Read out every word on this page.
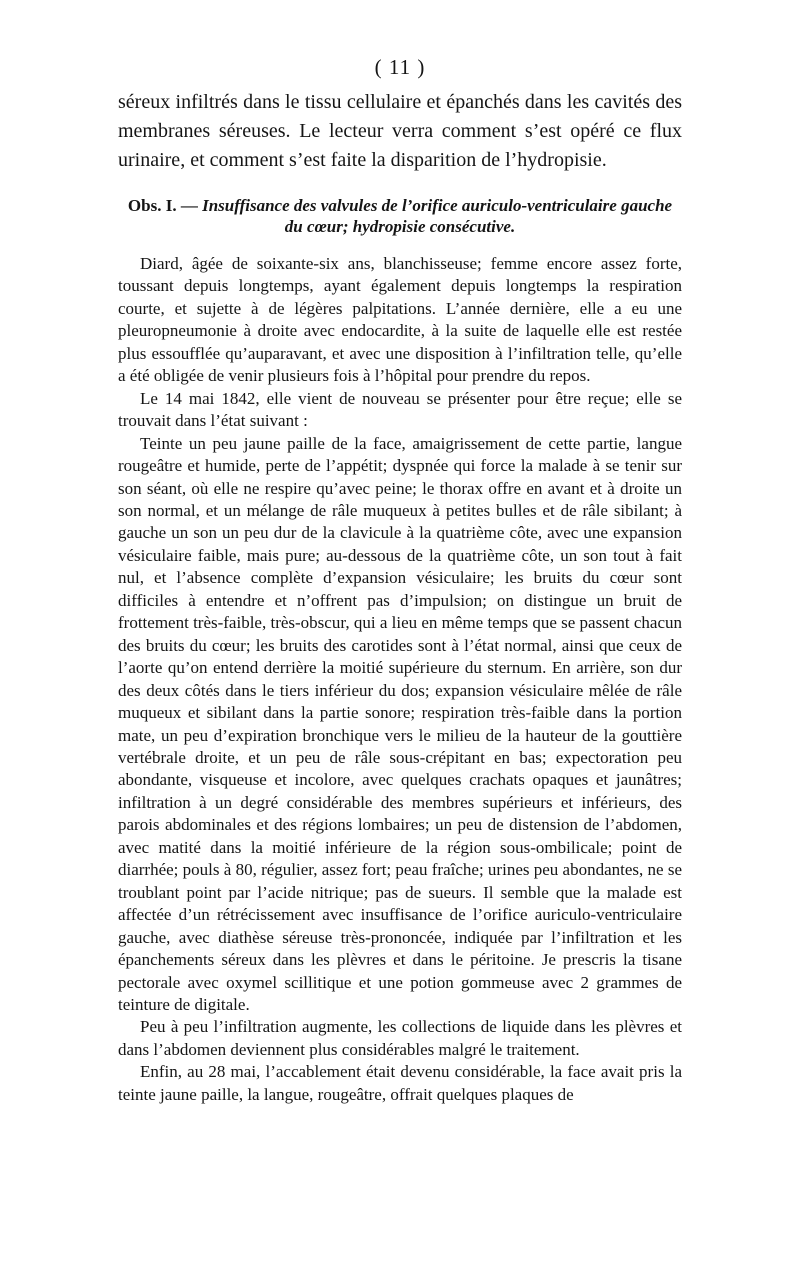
( 11 )

séreux infiltrés dans le tissu cellulaire et épanchés dans les cavités des membranes séreuses. Le lecteur verra comment s’est opéré ce flux urinaire, et comment s’est faite la disparition de l’hydropisie.

Obs. I. — Insuffisance des valvules de l’orifice auriculo-ventriculaire gauche du cœur; hydropisie consécutive.

Diard, âgée de soixante-six ans, blanchisseuse; femme encore assez forte, toussant depuis longtemps, ayant également depuis longtemps la respiration courte, et sujette à de légères palpitations. L’année dernière, elle a eu une pleuropneumonie à droite avec endocardite, à la suite de laquelle elle est restée plus essoufflée qu’auparavant, et avec une disposition à l’infiltration telle, qu’elle a été obligée de venir plusieurs fois à l’hôpital pour prendre du repos.

Le 14 mai 1842, elle vient de nouveau se présenter pour être reçue; elle se trouvait dans l’état suivant :

Teinte un peu jaune paille de la face, amaigrissement de cette partie, langue rougeâtre et humide, perte de l’appétit; dyspnée qui force la malade à se tenir sur son séant, où elle ne respire qu’avec peine; le thorax offre en avant et à droite un son normal, et un mélange de râle muqueux à petites bulles et de râle sibilant; à gauche un son un peu dur de la clavicule à la quatrième côte, avec une expansion vésiculaire faible, mais pure; au-dessous de la quatrième côte, un son tout à fait nul, et l’absence complète d’expansion vésiculaire; les bruits du cœur sont difficiles à entendre et n’offrent pas d’impulsion; on distingue un bruit de frottement très-faible, très-obscur, qui a lieu en même temps que se passent chacun des bruits du cœur; les bruits des carotides sont à l’état normal, ainsi que ceux de l’aorte qu’on entend derrière la moitié supérieure du sternum. En arrière, son dur des deux côtés dans le tiers inférieur du dos; expansion vésiculaire mêlée de râle muqueux et sibilant dans la partie sonore; respiration très-faible dans la portion mate, un peu d’expiration bronchique vers le milieu de la hauteur de la gouttière vertébrale droite, et un peu de râle sous-crépitant en bas; expectoration peu abondante, visqueuse et incolore, avec quelques crachats opaques et jaunâtres; infiltration à un degré considérable des membres supérieurs et inférieurs, des parois abdominales et des régions lombaires; un peu de distension de l’abdomen, avec matité dans la moitié inférieure de la région sous-ombilicale; point de diarrhée; pouls à 80, régulier, assez fort; peau fraîche; urines peu abondantes, ne se troublant point par l’acide nitrique; pas de sueurs. Il semble que la malade est affectée d’un rétrécissement avec insuffisance de l’orifice auriculo-ventriculaire gauche, avec diathèse séreuse très-prononcée, indiquée par l’infiltration et les épanchements séreux dans les plèvres et dans le péritoine. Je prescris la tisane pectorale avec oxymel scillitique et une potion gommeuse avec 2 grammes de teinture de digitale.

Peu à peu l’infiltration augmente, les collections de liquide dans les plèvres et dans l’abdomen deviennent plus considérables malgré le traitement.

Enfin, au 28 mai, l’accablement était devenu considérable, la face avait pris la teinte jaune paille, la langue, rougeâtre, offrait quelques plaques de
